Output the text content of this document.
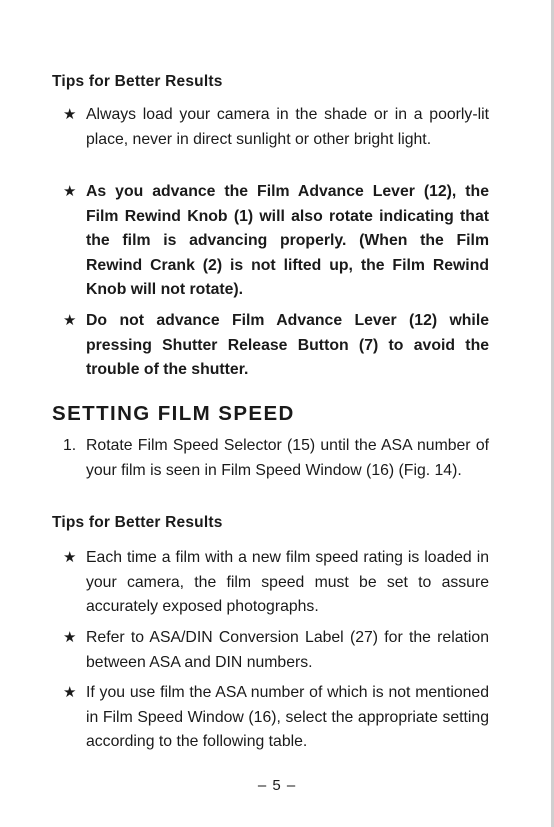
Tips for Better Results

★ Always load your camera in the shade or in a poorly-lit place, never in direct sunlight or other bright light.

★ As you advance the Film Advance Lever (12), the Film Rewind Knob (1) will also rotate indicating that the film is advancing properly. (When the Film Rewind Crank (2) is not lifted up, the Film Rewind Knob will not rotate).

★ Do not advance Film Advance Lever (12) while pressing Shutter Release Button (7) to avoid the trouble of the shutter.

SETTING FILM SPEED
1. Rotate Film Speed Selector (15) until the ASA number of your film is seen in Film Speed Window (16) (Fig. 14).

Tips for Better Results

★ Each time a film with a new film speed rating is loaded in your camera, the film speed must be set to assure accurately exposed photographs.

★ Refer to ASA/DIN Conversion Label (27) for the relation between ASA and DIN numbers.

★ If you use film the ASA number of which is not mentioned in Film Speed Window (16), select the appropriate setting according to the following table.

– 5 –
